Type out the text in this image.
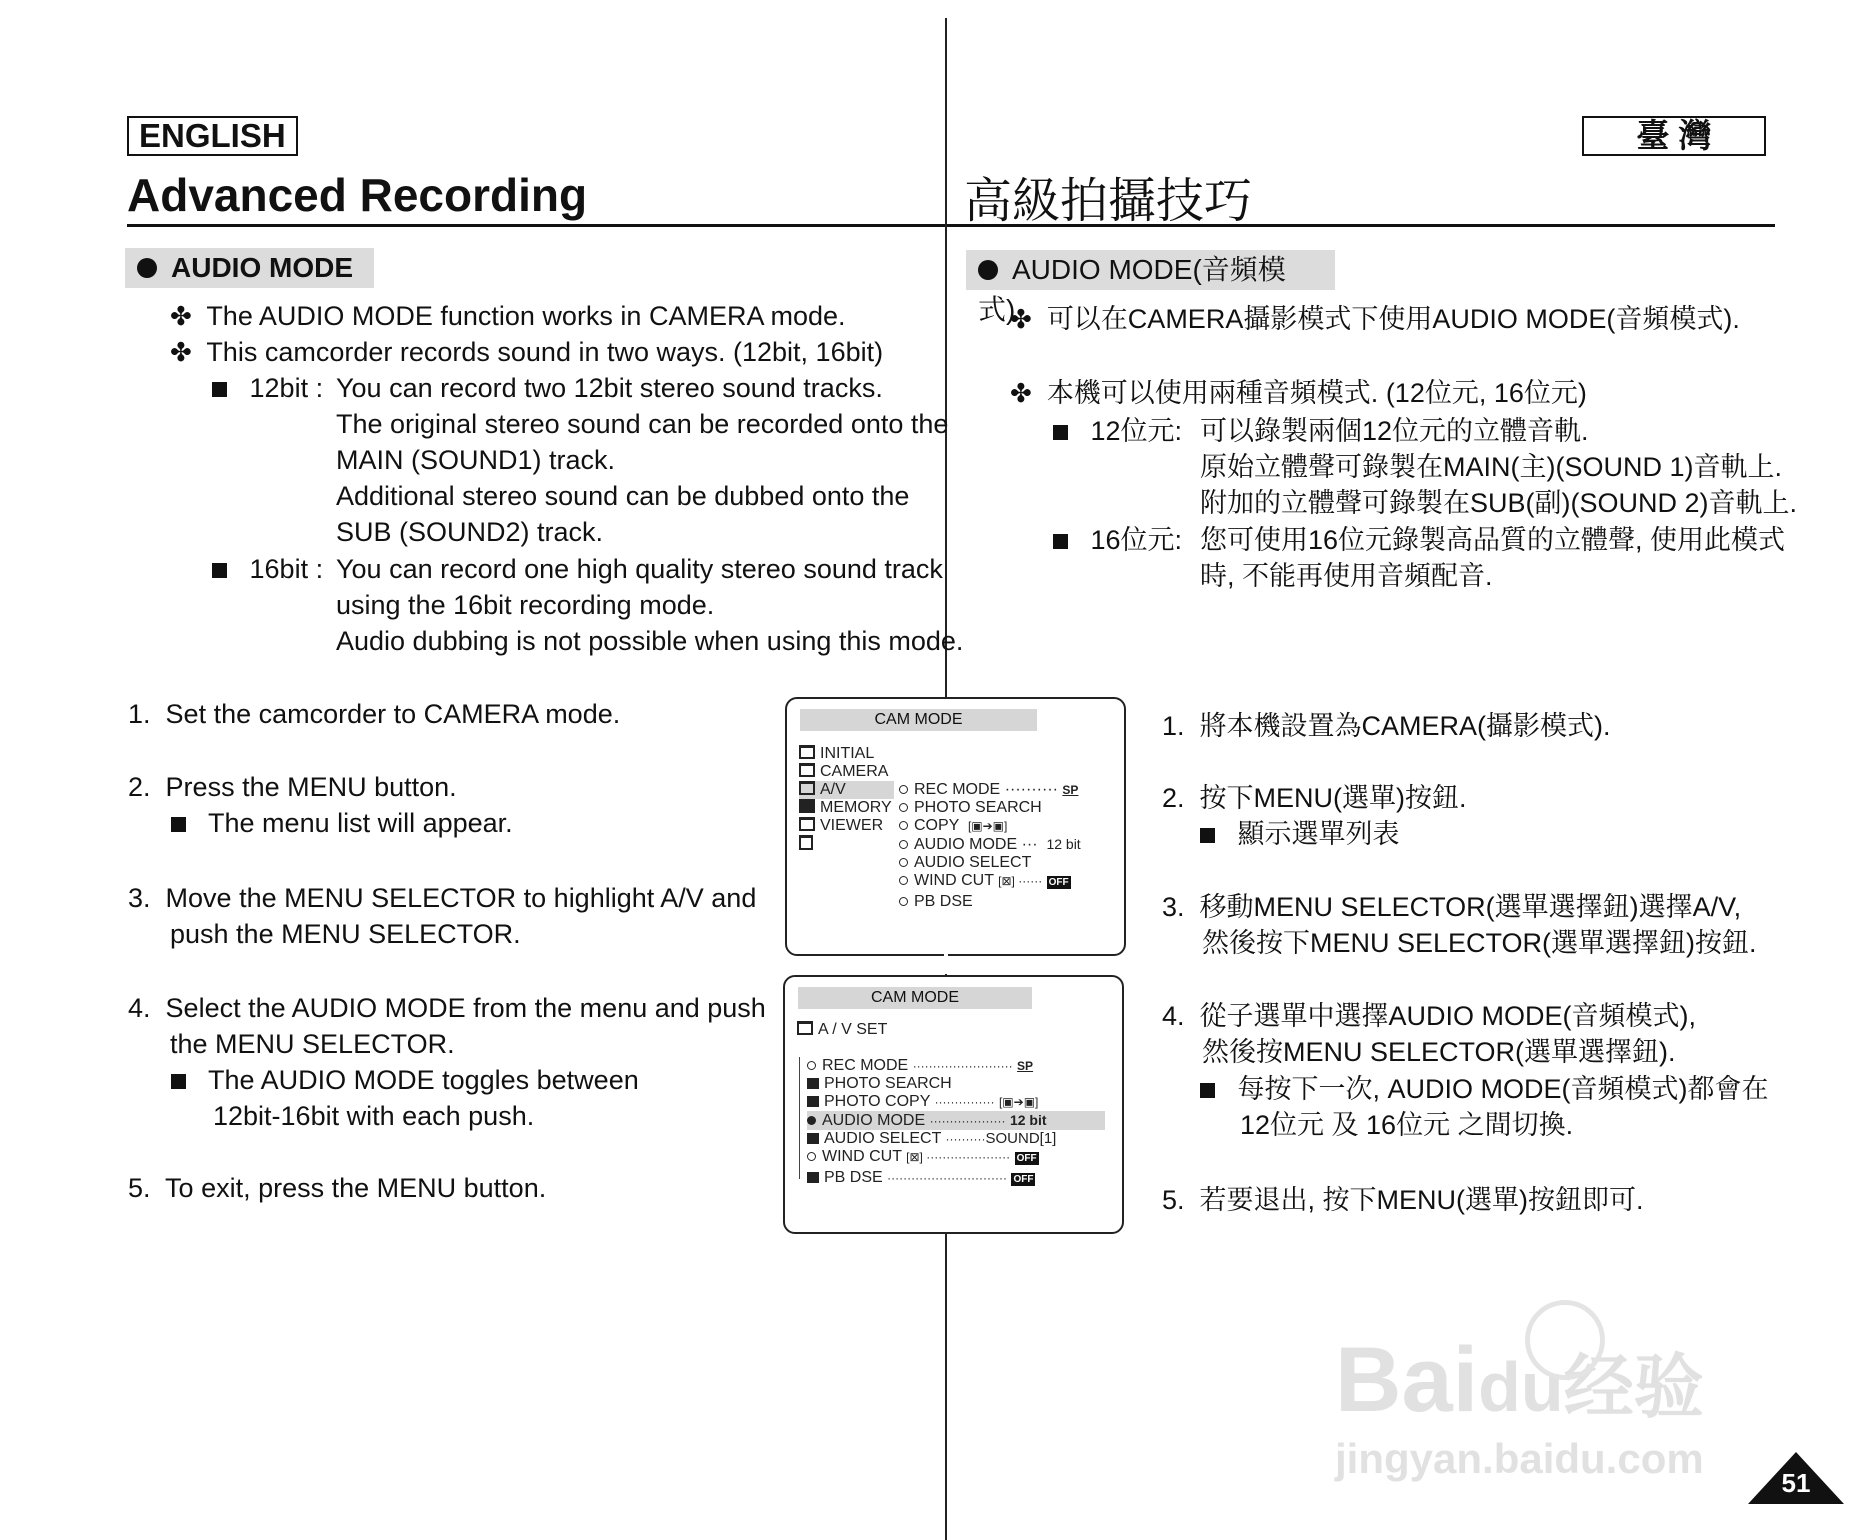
ENGLISH	臺 灣
Advanced Recording	高級拍攝技巧
AUDIO MODE
✤ The AUDIO MODE function works in CAMERA mode.
✤ This camcorder records sound in two ways. (12bit, 16bit)
12bit : You can record two 12bit stereo sound tracks.
The original stereo sound can be recorded onto the
MAIN (SOUND1) track.
Additional stereo sound can be dubbed onto the
SUB (SOUND2) track.
16bit : You can record one high quality stereo sound track
using the 16bit recording mode.
Audio dubbing is not possible when using this mode.
1. Set the camcorder to CAMERA mode.
2. Press the MENU button.
The menu list will appear.
3. Move the MENU SELECTOR to highlight A/V and
push the MENU SELECTOR.
4. Select the AUDIO MODE from the menu and push
the MENU SELECTOR.
The AUDIO MODE toggles between
12bit-16bit with each push.
5. To exit, press the MENU button.
AUDIO MODE(音頻模式)
✤ 可以在CAMERA攝影模式下使用AUDIO MODE(音頻模式).
✤ 本機可以使用兩種音頻模式. (12位元, 16位元)
12位元: 可以錄製兩個12位元的立體音軌.
原始立體聲可錄製在MAIN(主)(SOUND 1)音軌上.
附加的立體聲可錄製在SUB(副)(SOUND 2)音軌上.
16位元: 您可使用16位元錄製高品質的立體聲, 使用此模式
時, 不能再使用音頻配音.
1. 將本機設置為CAMERA(攝影模式).
2. 按下MENU(選單)按鈕.
顯示選單列表
3. 移動MENU SELECTOR(選單選擇鈕)選擇A/V,
然後按下MENU SELECTOR(選單選擇鈕)按鈕.
4. 從子選單中選擇AUDIO MODE(音頻模式),
然後按MENU SELECTOR(選單選擇鈕).
每按下一次, AUDIO MODE(音頻模式)都會在
12位元 及 16位元 之間切換.
5. 若要退出, 按下MENU(選單)按鈕即可.
CAM MODE
INITIAL
CAMERA
A/V
MEMORY
VIEWER
REC MODE ·········· SP
PHOTO SEARCH
COPY [▣➔▣]
AUDIO MODE ··· 12 bit
AUDIO SELECT
WIND CUT [⊠] ······ OFF
PB DSE
CAM MODE
A / V SET
REC MODE ························· SP
PHOTO SEARCH
PHOTO COPY ··············· [▣➔▣]
AUDIO MODE ··················· 12 bit
AUDIO SELECT ··········SOUND[1]
WIND CUT [⊠] ····················· OFF
PB DSE ······························ OFF
Baidu经验
jingyan.baidu.com
51
